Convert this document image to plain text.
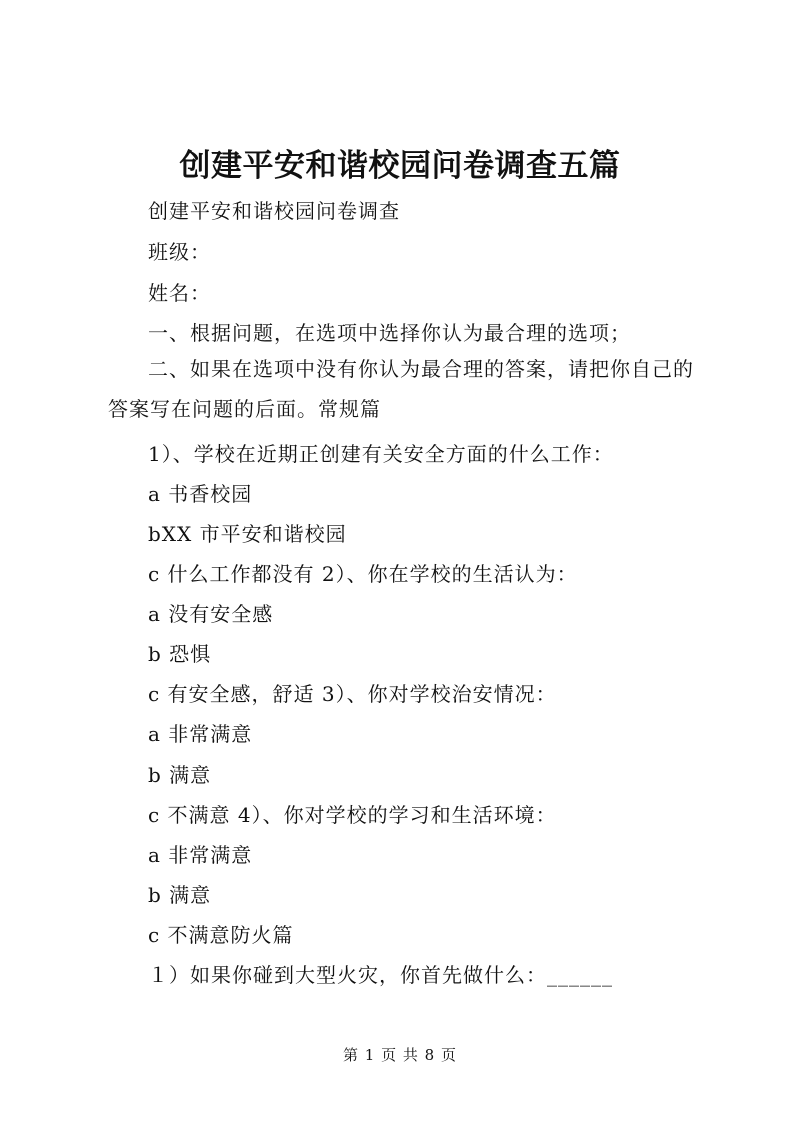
创建平安和谐校园问卷调查五篇
创建平安和谐校园问卷调查
班级：
姓名：
一、根据问题，在选项中选择你认为最合理的选项；
二、如果在选项中没有你认为最合理的答案，请把你自己的答案写在问题的后面。常规篇
1）、学校在近期正创建有关安全方面的什么工作：
a 书香校园
bXX 市平安和谐校园
c 什么工作都没有 2）、你在学校的生活认为：
a 没有安全感
b 恐惧
c 有安全感，舒适 3）、你对学校治安情况：
a 非常满意
b 满意
c 不满意 4）、你对学校的学习和生活环境：
a 非常满意
b 满意
c 不满意防火篇
１）如果你碰到大型火灾，你首先做什么：______
第 1 页 共 8 页
